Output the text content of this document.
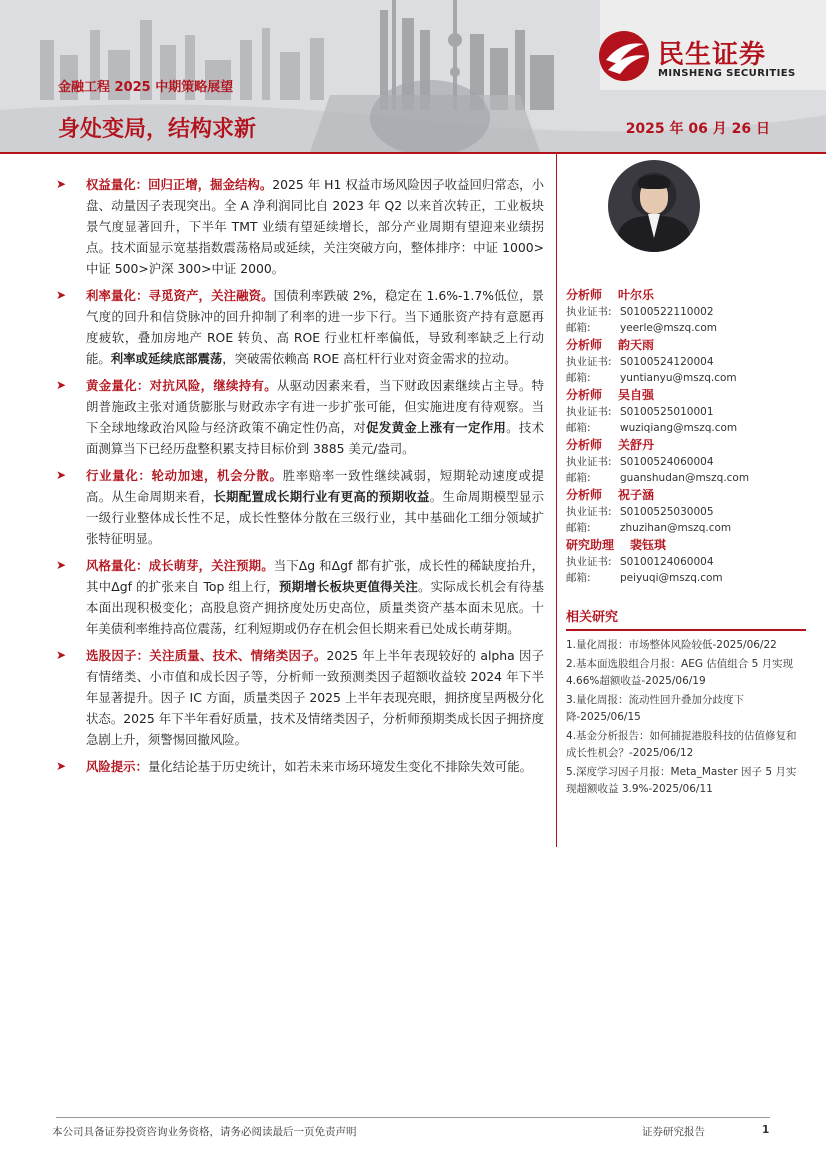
金融工程 2025 中期策略展望
身处变局，结构求新	2025 年 06 月 26 日
民生证券
MINSHENG SECURITIES
➤ 权益量化：回归正增，掘金结构。2025 年 H1 权益市场风险因子收益回归常态，小盘、动量因子表现突出。全 A 净利润同比自 2023 年 Q2 以来首次转正，工业板块景气度显著回升，下半年 TMT 业绩有望延续增长，部分产业周期有望迎来业绩拐点。技术面显示宽基指数震荡格局或延续，关注突破方向，整体排序：中证 1000>中证 500>沪深 300>中证 2000。
➤ 利率量化：寻觅资产，关注融资。国债利率跌破 2%，稳定在 1.6%-1.7%低位，景气度的回升和信贷脉冲的回升抑制了利率的进一步下行。当下通胀资产持有意愿再度疲软，叠加房地产 ROE 转负、高 ROE 行业杠杆率偏低，导致利率缺乏上行动能。利率或延续底部震荡，突破需依赖高 ROE 高杠杆行业对资金需求的拉动。
➤ 黄金量化：对抗风险，继续持有。从驱动因素来看，当下财政因素继续占主导。特朗普施政主张对通货膨胀与财政赤字有进一步扩张可能，但实施进度有待观察。当下全球地缘政治风险与经济政策不确定性仍高，对促发黄金上涨有一定作用。技术面测算当下已经历盘整积累支持目标价到 3885 美元/盎司。
➤ 行业量化：轮动加速，机会分散。胜率赔率一致性继续减弱，短期轮动速度或提高。从生命周期来看，长期配置成长期行业有更高的预期收益。生命周期模型显示一级行业整体成长性不足，成长性整体分散在三级行业，其中基础化工细分领域扩张特征明显。
➤ 风格量化：成长萌芽，关注预期。当下Δg 和Δgf 都有扩张，成长性的稀缺度抬升，其中Δgf 的扩张来自 Top 组上行，预期增长板块更值得关注。实际成长机会有待基本面出现积极变化；高股息资产拥挤度处历史高位，质量类资产基本面未见底。十年美债利率维持高位震荡，红利短期或仍存在机会但长期来看已处成长萌芽期。
➤ 选股因子：关注质量、技术、情绪类因子。2025 年上半年表现较好的 alpha 因子有情绪类、小市值和成长因子等，分析师一致预测类因子超额收益较 2024 年下半年显著提升。因子 IC 方面，质量类因子 2025 上半年表现亮眼，拥挤度呈两极分化状态。2025 年下半年看好质量，技术及情绪类因子，分析师预期类成长因子拥挤度急剧上升，须警惕回撤风险。
➤ 风险提示：量化结论基于历史统计，如若未来市场环境发生变化不排除失效可能。
分析师 叶尔乐
执业证书: S0100522110002
邮箱:	yeerle@mszq.com
分析师 韵天雨
执业证书: S0100524120004
邮箱:	yuntianyu@mszq.com
分析师 吴自强
执业证书: S0100525010001
邮箱:	wuziqiang@mszq.com
分析师 关舒丹
执业证书: S0100524060004
邮箱:	guanshudan@mszq.com
分析师 祝子涵
执业证书: S0100525030005
邮箱:	zhuzihan@mszq.com
研究助理 裴钰琪
执业证书: S0100124060004
邮箱:	peiyuqi@mszq.com
相关研究
1.量化周报：市场整体风险较低-2025/06/22
2.基本面选股组合月报：AEG 估值组合 5 月实现 4.66%超额收益-2025/06/19
3.量化周报：流动性回升叠加分歧度下降-2025/06/15
4.基金分析报告：如何捕捉港股科技的估值修复和成长性机会？-2025/06/12
5.深度学习因子月报：Meta_Master 因子 5 月实现超额收益 3.9%-2025/06/11
本公司具备证券投资咨询业务资格，请务必阅读最后一页免责声明	证券研究报告	1
